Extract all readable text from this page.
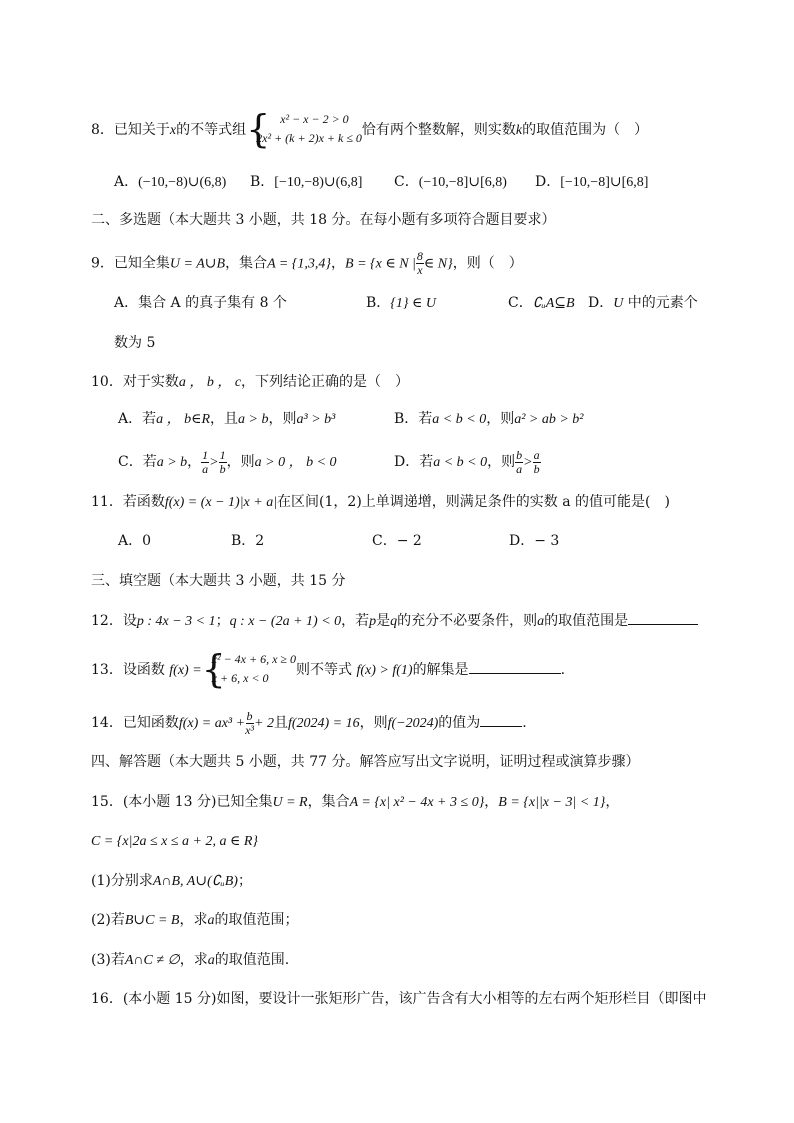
8．已知关于x的不等式组 { x² − x − 2 > 0
2x² + (k + 2)x + k ≤ 0 恰有两个整数解，则实数k的取值范围为（　）
A．(−10,−8)∪(6,8) B．[−10,−8)∪(6,8] C．(−10,−8]∪[6,8) D．[−10,−8]∪[6,8]
二、多选题（本大题共 3 小题，共 18 分。在每小题有多项符合题目要求）
9．已知全集U = A∪B，集合A = {1,3,4}，B = {x ∈ N | $\frac{8}{x}$ ∈ N}，则（　）
A．集合 A 的真子集有 8 个	B．{1} ∈ U	C．∁ᵤA⊆B D．U 中的元素个
数为 5
10．对于实数a ， b ， c，下列结论正确的是（　）
A．若a ， b∈R，且a > b，则a³ > b³	B．若a < b < 0，则a² > ab > b²
C．若a > b， $\frac{1}{a} > \frac{1}{b}$ ，则a > 0 ， b < 0	D．若a < b < 0，则 $\frac{b}{a} > \frac{a}{b}$
11．若函数f(x) = (x − 1)|x + a|在区间(1，2)上单调递增，则满足条件的实数 a 的值可能是(　)
A．0	B．2	C．− 2	D．− 3
三、填空题（本大题共 3 小题，共 15 分
12．设p : 4x − 3 < 1；q : x − (2a + 1) < 0，若p是q的充分不必要条件，则a的取值范围是
13．设函数 f(x) = {
x² − 4x + 6, x ≥ 0
x + 6, x < 0	则不等式 f(x) > f(1)的解集是	.
14．已知函数$f(x) = ax^3 + \frac{b}{\text{x³}} + 2$且f(2024) = 16，则f(−2024)的值为	.
四、解答题（本大题共 5 小题，共 77 分。解答应写出文字说明，证明过程或演算步骤）
15．(本小题 13 分)已知全集U = R，集合A = {x| x² − 4x + 3 ≤ 0}，B = {x||x − 3| < 1}，
C = {x|2a ≤ x ≤ a + 2, a ∈ R}
(1)分别求A∩B, A∪(∁ᵤB)；
(2)若B∪C = B，求a的取值范围；
(3)若A∩C ≠ ∅，求a的取值范围.
16．(本小题 15 分)如图，要设计一张矩形广告，该广告含有大小相等的左右两个矩形栏目（即图中
